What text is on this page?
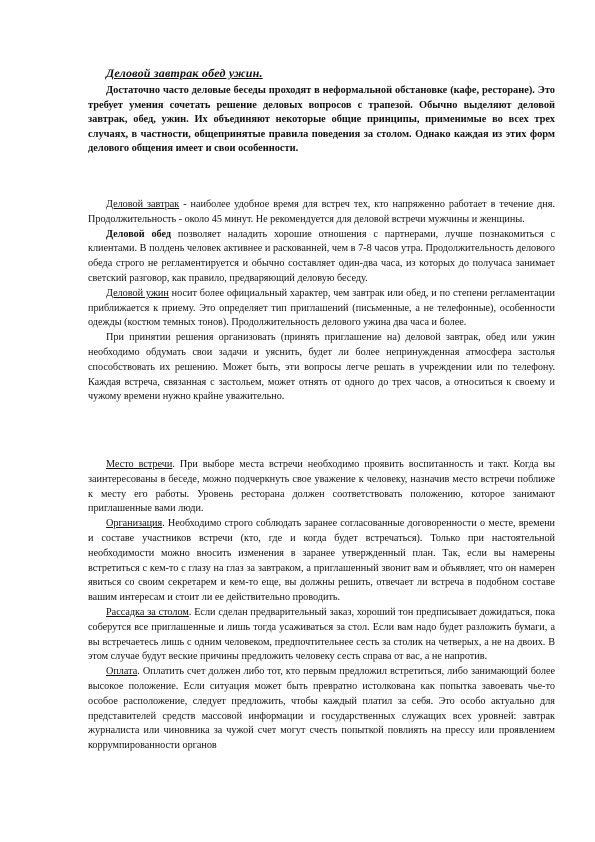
Деловой завтрак обед ужин.
Достаточно часто деловые беседы проходят в неформальной обстановке (кафе, ресторане). Это требует умения сочетать решение деловых вопросов с трапезой. Обычно выделяют деловой завтрак, обед, ужин. Их объединяют некоторые общие принципы, применимые во всех трех случаях, в частности, общепринятые правила поведения за столом. Однако каждая из этих форм делового общения имеет и свои особенности.

Деловой завтрак - наиболее удобное время для встреч тех, кто напряженно работает в течение дня. Продолжительность - около 45 минут. Не рекомендуется для деловой встречи мужчины и женщины.

Деловой обед позволяет наладить хорошие отношения с партнерами, лучше познакомиться с клиентами. В полдень человек активнее и раскованней, чем в 7-8 часов утра. Продолжительность делового обеда строго не регламентируется и обычно составляет один-два часа, из которых до получаса занимает светский разговор, как правило, предваряющий деловую беседу.

Деловой ужин носит более официальный характер, чем завтрак или обед, и по степени регламентации приближается к приему. Это определяет тип приглашений (письменные, а не телефонные), особенности одежды (костюм темных тонов). Продолжительность делового ужина два часа и более.

При принятии решения организовать (принять приглашение на) деловой завтрак, обед или ужин необходимо обдумать свои задачи и уяснить, будет ли более непринужденная атмосфера застолья способствовать их решению. Может быть, эти вопросы легче решать в учреждении или по телефону. Каждая встреча, связанная с застольем, может отнять от одного до трех часов, а относиться к своему и чужому времени нужно крайне уважительно.

Место встречи. При выборе места встречи необходимо проявить воспитанность и такт. Когда вы заинтересованы в беседе, можно подчеркнуть свое уважение к человеку, назначив место встречи поближе к месту его работы. Уровень ресторана должен соответствовать положению, которое занимают приглашенные вами люди.

Организация. Необходимо строго соблюдать заранее согласованные договоренности о месте, времени и составе участников встречи (кто, где и когда будет встречаться). Только при настоятельной необходимости можно вносить изменения в заранее утвержденный план. Так, если вы намерены встретиться с кем-то с глазу на глаз за завтраком, а приглашенный звонит вам и объявляет, что он намерен явиться со своим секретарем и кем-то еще, вы должны решить, отвечает ли встреча в подобном составе вашим интересам и стоит ли ее действительно проводить.

Рассадка за столом. Если сделан предварительный заказ, хороший тон предписывает дожидаться, пока соберутся все приглашенные и лишь тогда усаживаться за стол. Если вам надо будет разложить бумаги, а вы встречаетесь лишь с одним человеком, предпочтительнее сесть за столик на четверых, а не на двоих. В этом случае будут веские причины предложить человеку сесть справа от вас, а не напротив.

Оплата. Оплатить счет должен либо тот, кто первым предложил встретиться, либо занимающий более высокое положение. Если ситуация может быть превратно истолкована как попытка завоевать чье-то особое расположение, следует предложить, чтобы каждый платил за себя. Это особо актуально для представителей средств массовой информации и государственных служащих всех уровней: завтрак журналиста или чиновника за чужой счет могут счесть попыткой повлиять на прессу или проявлением коррумпированности органов
